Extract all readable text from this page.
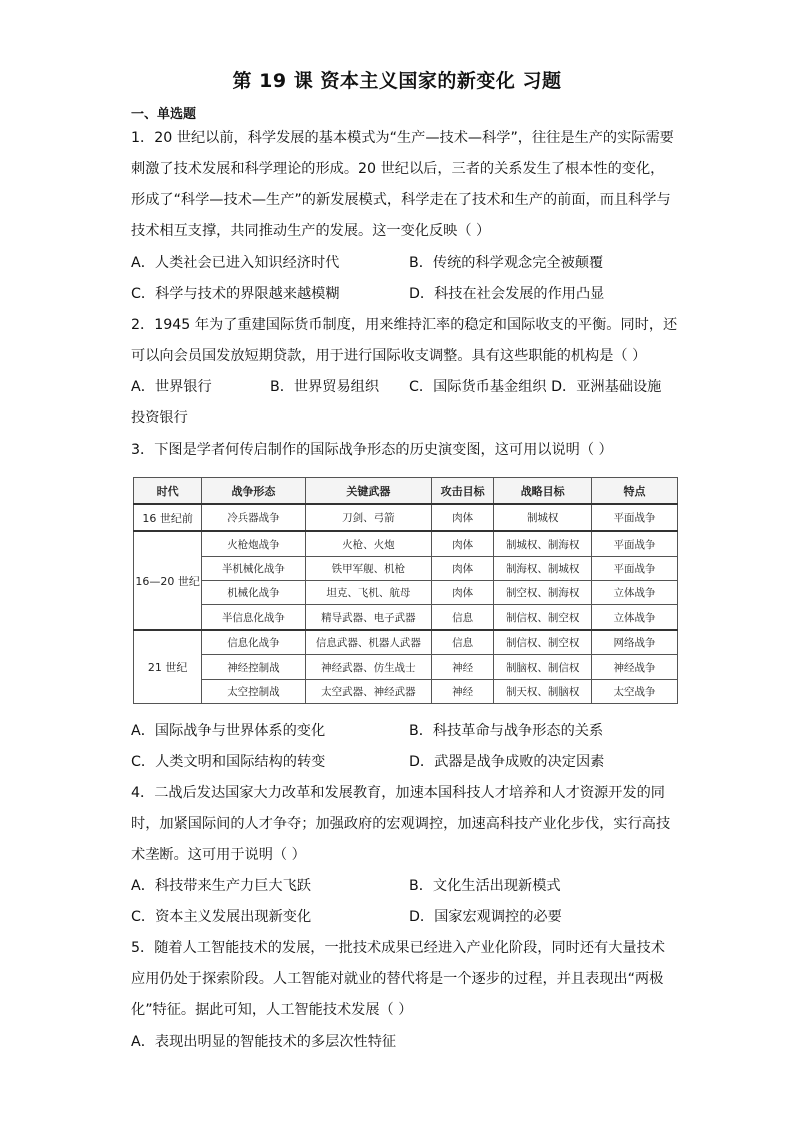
第 19 课 资本主义国家的新变化 习题
一、单选题
1．20 世纪以前，科学发展的基本模式为“生产—技术—科学”，往往是生产的实际需要
刺激了技术发展和科学理论的形成。20 世纪以后，三者的关系发生了根本性的变化，
形成了“科学—技术—生产”的新发展模式，科学走在了技术和生产的前面，而且科学与
技术相互支撑，共同推动生产的发展。这一变化反映（ ）
A．人类社会已进入知识经济时代	B．传统的科学观念完全被颠覆
C．科学与技术的界限越来越模糊	D．科技在社会发展的作用凸显
2．1945 年为了重建国际货币制度，用来维持汇率的稳定和国际收支的平衡。同时，还
可以向会员国发放短期贷款，用于进行国际收支调整。具有这些职能的机构是（ ）
A．世界银行	B．世界贸易组织 C．国际货币基金组织 D．亚洲基础设施
投资银行
3．下图是学者何传启制作的国际战争形态的历史演变图，这可用以说明（ ）
时代	战争形态	关键武器	攻击目标	战略目标	特点
16 世纪前	冷兵器战争	刀剑、弓箭	肉体	制城权	平面战争
16—20 世纪	火枪炮战争	火枪、火炮	肉体	制城权、制海权	平面战争
	半机械化战争	铁甲军舰、机枪	肉体	制海权、制城权	平面战争
	机械化战争	坦克、飞机、航母	肉体	制空权、制海权	立体战争
	半信息化战争	精导武器、电子武器	信息	制信权、制空权	立体战争
21 世纪	信息化战争	信息武器、机器人武器	信息	制信权、制空权	网络战争
	神经控制战	神经武器、仿生战士	神经	制脑权、制信权	神经战争
	太空控制战	太空武器、神经武器	神经	制天权、制脑权	太空战争
A．国际战争与世界体系的变化	B．科技革命与战争形态的关系
C．人类文明和国际结构的转变	D．武器是战争成败的决定因素
4．二战后发达国家大力改革和发展教育，加速本国科技人才培养和人才资源开发的同
时，加紧国际间的人才争夺；加强政府的宏观调控，加速高科技产业化步伐，实行高技
术垄断。这可用于说明（ ）
A．科技带来生产力巨大飞跃	B．文化生活出现新模式
C．资本主义发展出现新变化	D．国家宏观调控的必要
5．随着人工智能技术的发展，一批技术成果已经进入产业化阶段，同时还有大量技术
应用仍处于探索阶段。人工智能对就业的替代将是一个逐步的过程，并且表现出“两极
化”特征。据此可知，人工智能技术发展（ ）
A．表现出明显的智能技术的多层次性特征
